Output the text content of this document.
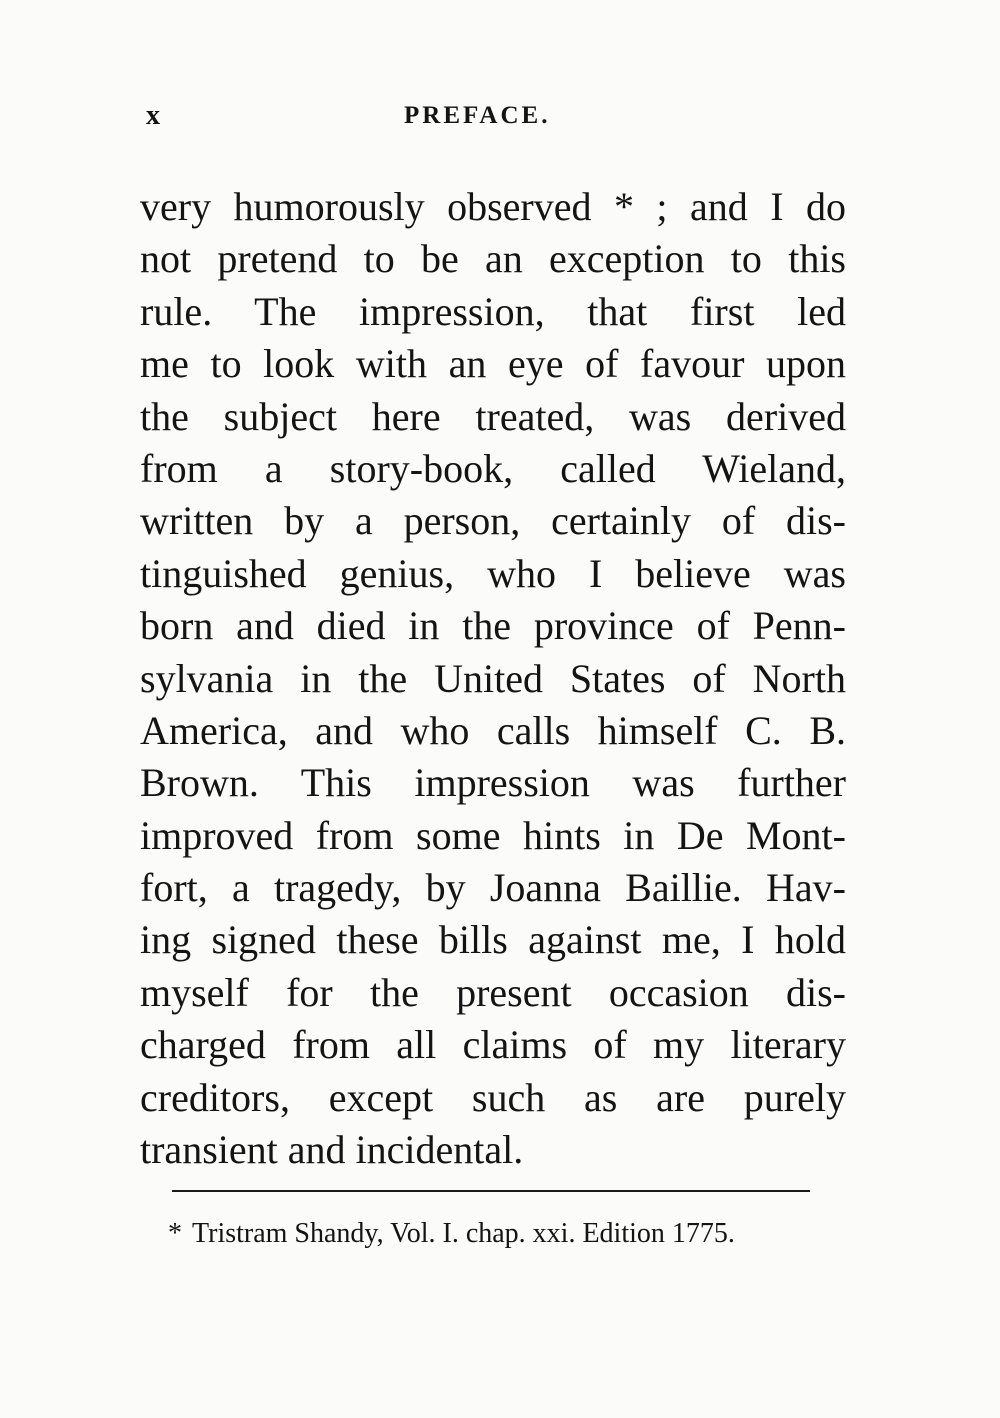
x	PREFACE.
very humorously observed * ; and I do
not pretend to be an exception to this
rule. The impression, that first led
me to look with an eye of favour upon
the subject here treated, was derived
from a story-book, called Wieland,
written by a person, certainly of dis-
tinguished genius, who I believe was
born and died in the province of Penn-
sylvania in the United States of North
America, and who calls himself C. B.
Brown. This impression was further
improved from some hints in De Mont-
fort, a tragedy, by Joanna Baillie. Hav-
ing signed these bills against me, I hold
myself for the present occasion dis-
charged from all claims of my literary
creditors, except such as are purely
transient and incidental.
* Tristram Shandy, Vol. I. chap. xxi. Edition 1775.
